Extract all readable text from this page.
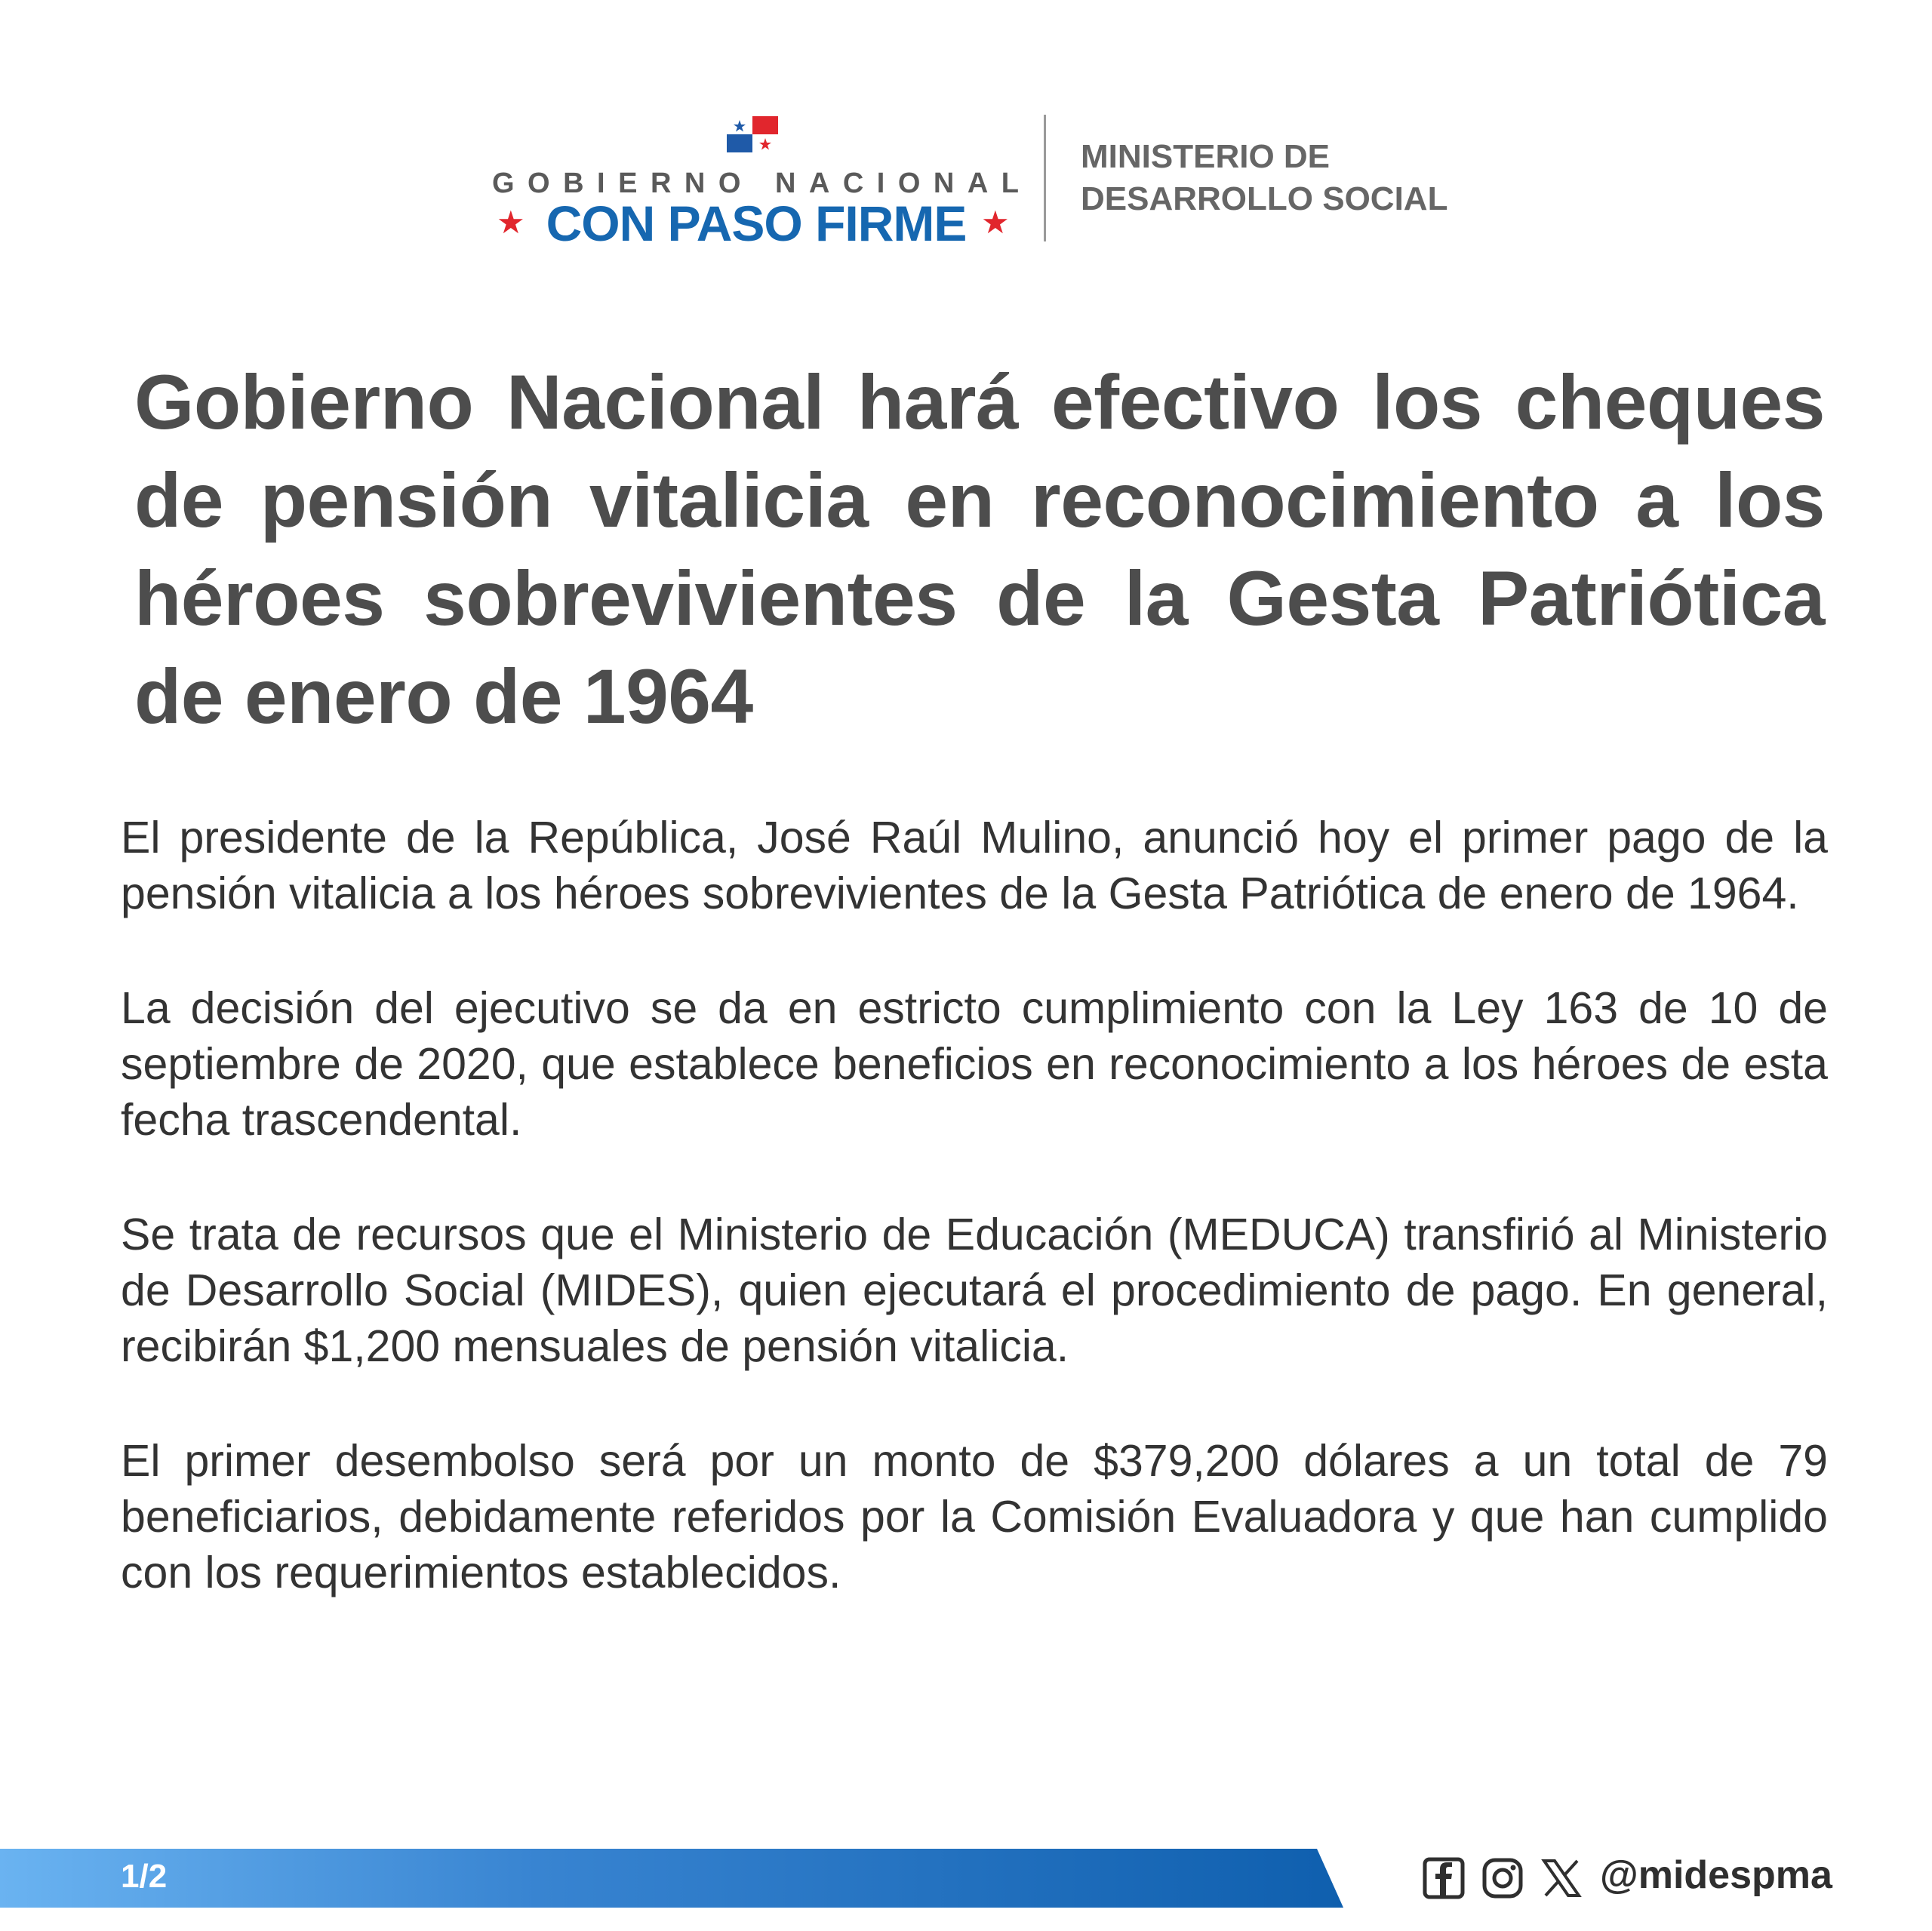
GOBIERNO NACIONAL
★ CON PASO FIRME ★
MINISTERIO DE
DESARROLLO SOCIAL
Gobierno Nacional hará efectivo los cheques de pensión vitalicia en reconocimiento a los héroes sobrevivientes de la Gesta Patriótica de enero de 1964

El presidente de la República, José Raúl Mulino, anunció hoy el primer pago de la pensión vitalicia a los héroes sobrevivientes de la Gesta Patriótica de enero de 1964.

La decisión del ejecutivo se da en estricto cumplimiento con la Ley 163 de 10 de septiembre de 2020, que establece beneficios en reconocimiento a los héroes de esta fecha trascendental.

Se trata de recursos que el Ministerio de Educación (MEDUCA) transfirió al Ministerio de Desarrollo Social (MIDES), quien ejecutará el procedimiento de pago. En general, recibirán $1,200 mensuales de pensión vitalicia.

El primer desembolso será por un monto de $379,200 dólares a un total de 79 beneficiarios, debidamente referidos por la Comisión Evaluadora y que han cumplido con los requerimientos establecidos.

1/2	@midespma
